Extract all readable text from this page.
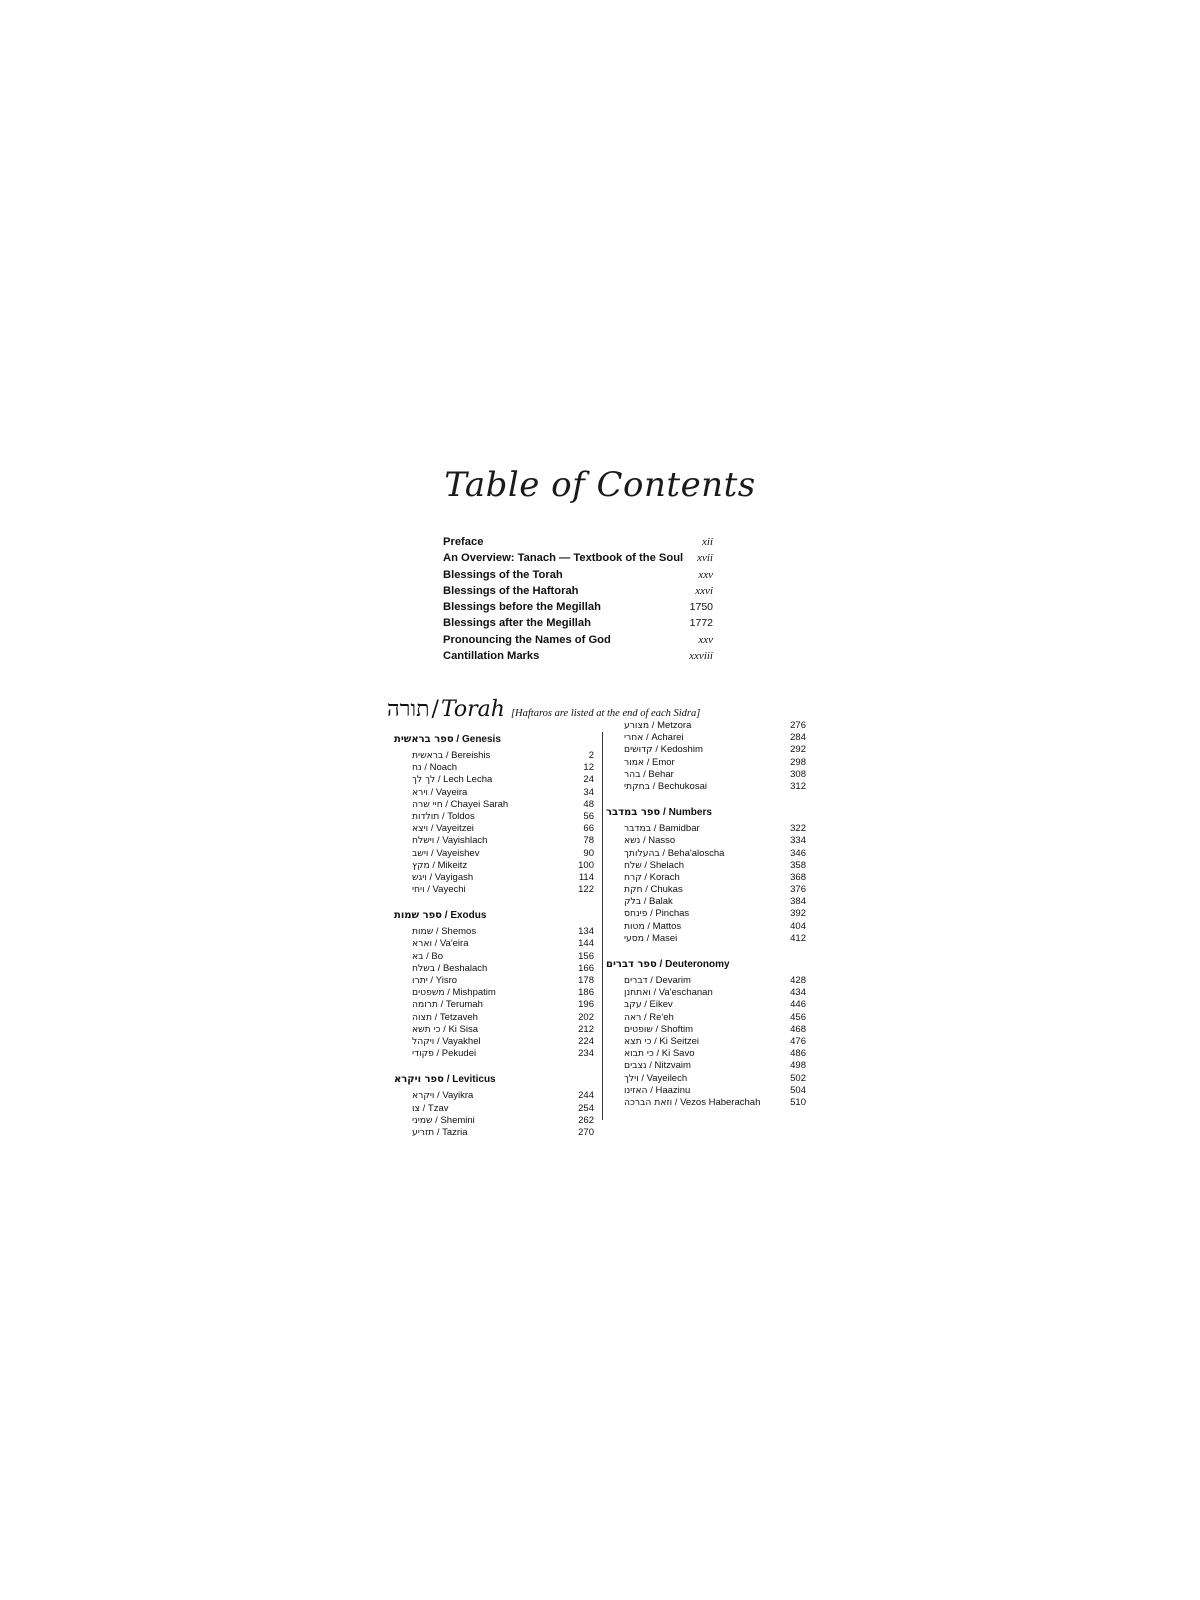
Table of Contents
Preface	xii
An Overview: Tanach — Textbook of the Soul xvii
Blessings of the Torah	xxv
Blessings of the Haftorah	xxvi
Blessings before the Megillah	1750
Blessings after the Megillah	1772
Pronouncing the Names of God	xxv
Cantillation Marks	xxviii
תורה / Torah [Haftaros are listed at the end of each Sidra]
ספר בראשית / Genesis
בראשית / Bereishis	2
נח / Noach	12
לך לך / Lech Lecha	24
וירא / Vayeira	34
חיי שרה / Chayei Sarah	48
תולדות / Toldos	56
ויצא / Vayeitzei	66
וישלח / Vayishlach	78
וישב / Vayeishev	90
מקץ / Mikeitz	100
ויגש / Vayigash	114
ויחי / Vayechi	122
ספר שמות / Exodus
שמות / Shemos	134
וארא / Va'eira	144
בא / Bo	156
בשלח / Beshalach	166
יתרו / Yisro	178
משפטים / Mishpatim	186
תרומה / Terumah	196
תצוה / Tetzaveh	202
כי תשא / Ki Sisa	212
ויקהל / Vayakhel	224
פקודי / Pekudei	234
ספר ויקרא / Leviticus
ויקרא / Vayikra	244
צו / Tzav	254
שמיני / Shemini	262
תזריע / Tazria	270
מצורע / Metzora	276
אחרי / Acharei	284
קדושים / Kedoshim	292
אמור / Emor	298
בהר / Behar	308
בחקתי / Bechukosai	312
ספר במדבר / Numbers
במדבר / Bamidbar	322
נשא / Nasso	334
בהעלותך / Beha'aloscha	346
שלח / Shelach	358
קרח / Korach	368
חקת / Chukas	376
בלק / Balak	384
פינחס / Pinchas	392
מטות / Mattos	404
מסעי / Masei	412
ספר דברים / Deuteronomy
דברים / Devarim	428
ואתחנן / Va'eschanan	434
עקב / Eikev	446
ראה / Re'eh	456
שופטים / Shoftim	468
כי תצא / Ki Seitzei	476
כי תבוא / Ki Savo	486
נצבים / Nitzvaim	498
וילך / Vayeilech	502
האזינו / Haazinu	504
וזאת הברכה / Vezos Haberachah	510
